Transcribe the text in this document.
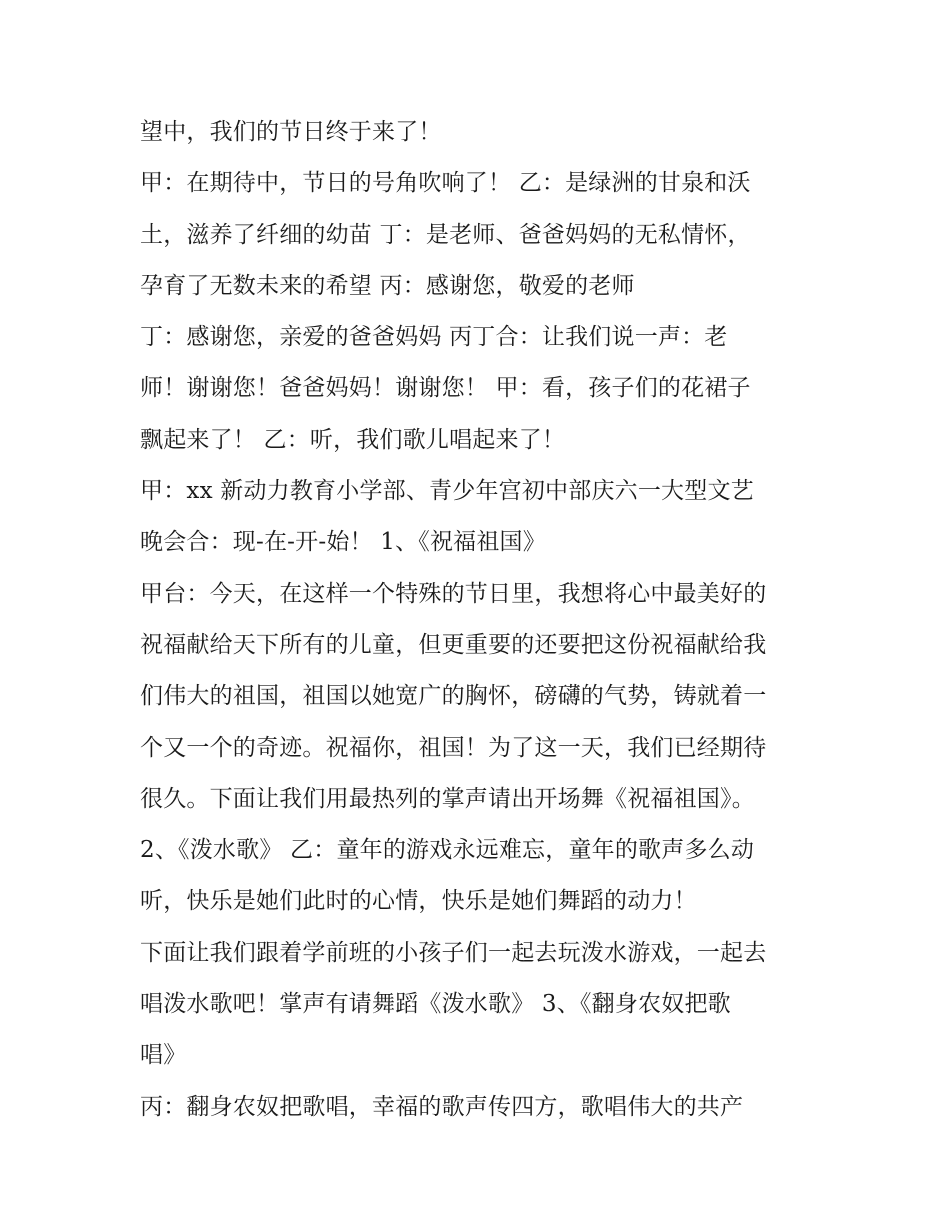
望中，我们的节日终于来了！
甲：在期待中，节日的号角吹响了！ 乙：是绿洲的甘泉和沃
土，滋养了纤细的幼苗 丁：是老师、爸爸妈妈的无私情怀，
孕育了无数未来的希望 丙：感谢您，敬爱的老师
丁：感谢您，亲爱的爸爸妈妈 丙丁合：让我们说一声：老
师！谢谢您！爸爸妈妈！谢谢您！ 甲：看，孩子们的花裙子
飘起来了！ 乙：听，我们歌儿唱起来了！
甲：xx 新动力教育小学部、青少年宫初中部庆六一大型文艺
晚会合：现-在-开-始！ 1、《祝福祖国》
甲台：今天，在这样一个特殊的节日里，我想将心中最美好的
祝福献给天下所有的儿童，但更重要的还要把这份祝福献给我
们伟大的祖国，祖国以她宽广的胸怀，磅礴的气势，铸就着一
个又一个的奇迹。祝福你，祖国！为了这一天，我们已经期待
很久。下面让我们用最热列的掌声请出开场舞《祝福祖国》。
2、《泼水歌》 乙：童年的游戏永远难忘，童年的歌声多么动
听，快乐是她们此时的心情，快乐是她们舞蹈的动力！
下面让我们跟着学前班的小孩子们一起去玩泼水游戏，一起去
唱泼水歌吧！掌声有请舞蹈《泼水歌》 3、《翻身农奴把歌
唱》
丙：翻身农奴把歌唱，幸福的歌声传四方，歌唱伟大的共产
